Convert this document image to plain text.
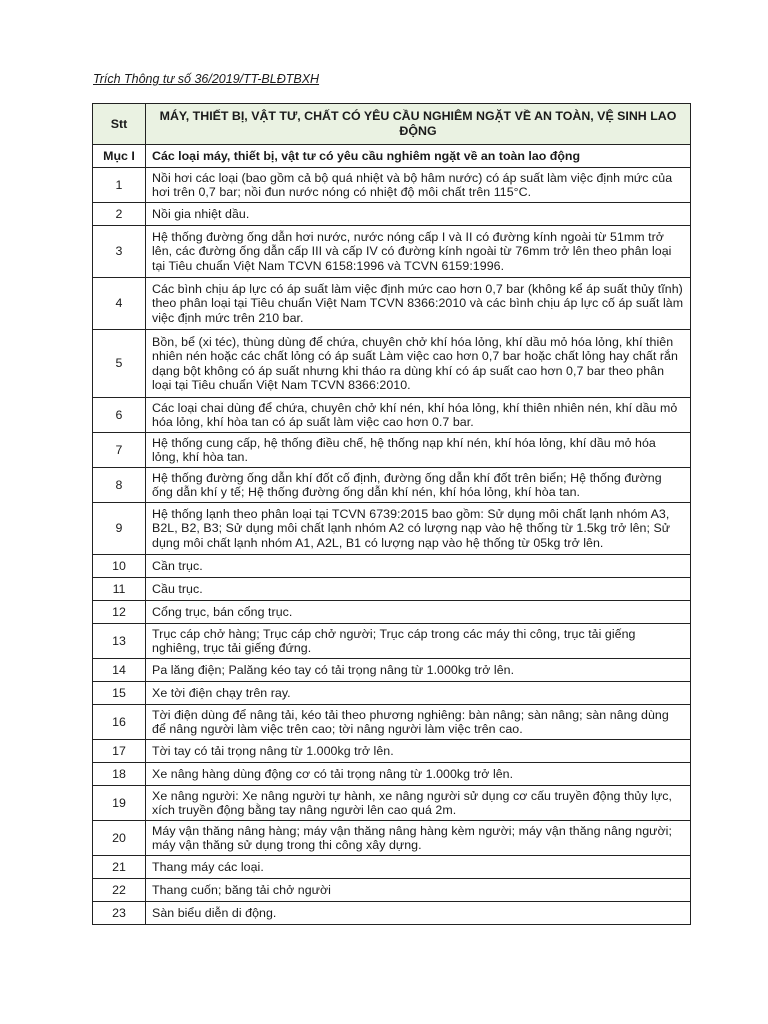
Trích Thông tư số 36/2019/TT-BLĐTBXH
Stt	MÁY, THIẾT BỊ, VẬT TƯ, CHẤT CÓ YÊU CẦU NGHIÊM NGẶT VỀ AN TOÀN, VỆ SINH LAO ĐỘNG
Mục I	Các loại máy, thiết bị, vật tư có yêu cầu nghiêm ngặt về an toàn lao động
1	Nồi hơi các loại (bao gồm cả bộ quá nhiệt và bộ hâm nước) có áp suất làm việc định mức của hơi trên 0,7 bar; nồi đun nước nóng có nhiệt độ môi chất trên 115°C.
2	Nồi gia nhiệt dầu.
3	Hệ thống đường ống dẫn hơi nước, nước nóng cấp I và II có đường kính ngoài từ 51mm trở lên, các đường ống dẫn cấp III và cấp IV có đường kính ngoài từ 76mm trở lên theo phân loại tại Tiêu chuẩn Việt Nam TCVN 6158:1996 và TCVN 6159:1996.
4	Các bình chịu áp lực có áp suất làm việc định mức cao hơn 0,7 bar (không kể áp suất thủy tĩnh) theo phân loại tại Tiêu chuẩn Việt Nam TCVN 8366:2010 và các bình chịu áp lực cố áp suất làm việc định mức trên 210 bar.
5	Bồn, bể (xi téc), thùng dùng để chứa, chuyên chở khí hóa lỏng, khí dầu mỏ hóa lỏng, khí thiên nhiên nén hoặc các chất lỏng có áp suất Làm việc cao hơn 0,7 bar hoặc chất lỏng hay chất rắn dạng bột không có áp suất nhưng khi tháo ra dùng khí có áp suất cao hơn 0,7 bar theo phân loại tại Tiêu chuẩn Việt Nam TCVN 8366:2010.
6	Các loại chai dùng để chứa, chuyên chở khí nén, khí hóa lỏng, khí thiên nhiên nén, khí dầu mỏ hóa lỏng, khí hòa tan có áp suất làm việc cao hơn 0.7 bar.
7	Hệ thống cung cấp, hệ thống điều chế, hệ thống nạp khí nén, khí hóa lỏng, khí dầu mỏ hóa lỏng, khí hòa tan.
8	Hệ thống đường ống dẫn khí đốt cố định, đường ống dẫn khí đốt trên biển; Hệ thống đường ống dẫn khí y tế; Hệ thống đường ống dẫn khí nén, khí hóa lỏng, khí hòa tan.
9	Hệ thống lạnh theo phân loại tại TCVN 6739:2015 bao gồm: Sử dụng môi chất lạnh nhóm A3, B2L, B2, B3; Sử dụng môi chất lạnh nhóm A2 có lượng nạp vào hệ thống từ 1.5kg trở lên; Sử dụng môi chất lạnh nhóm A1, A2L, B1 có lượng nạp vào hệ thống từ 05kg trở lên.
10	Cần trục.
11	Cầu trục.
12	Cổng trục, bán cổng trục.
13	Trục cáp chở hàng; Trục cáp chở người; Trục cáp trong các máy thi công, trục tải giếng nghiêng, trục tải giếng đứng.
14	Pa lăng điện; Palăng kéo tay có tải trọng nâng từ 1.000kg trở lên.
15	Xe tời điện chạy trên ray.
16	Tời điện dùng để nâng tải, kéo tải theo phương nghiêng: bàn nâng; sàn nâng; sàn nâng dùng để nâng người làm việc trên cao; tời nâng người làm việc trên cao.
17	Tời tay có tải trọng nâng từ 1.000kg trở lên.
18	Xe nâng hàng dùng động cơ có tải trọng nâng từ 1.000kg trở lên.
19	Xe nâng người: Xe nâng người tự hành, xe nâng người sử dụng cơ cấu truyền động thủy lực, xích truyền động bằng tay nâng người lên cao quá 2m.
20	Máy vận thăng nâng hàng; máy vận thăng nâng hàng kèm người; máy vận thăng nâng người; máy vận thăng sử dụng trong thi công xây dựng.
21	Thang máy các loại.
22	Thang cuốn; băng tải chở người
23	Sàn biểu diễn di động.
